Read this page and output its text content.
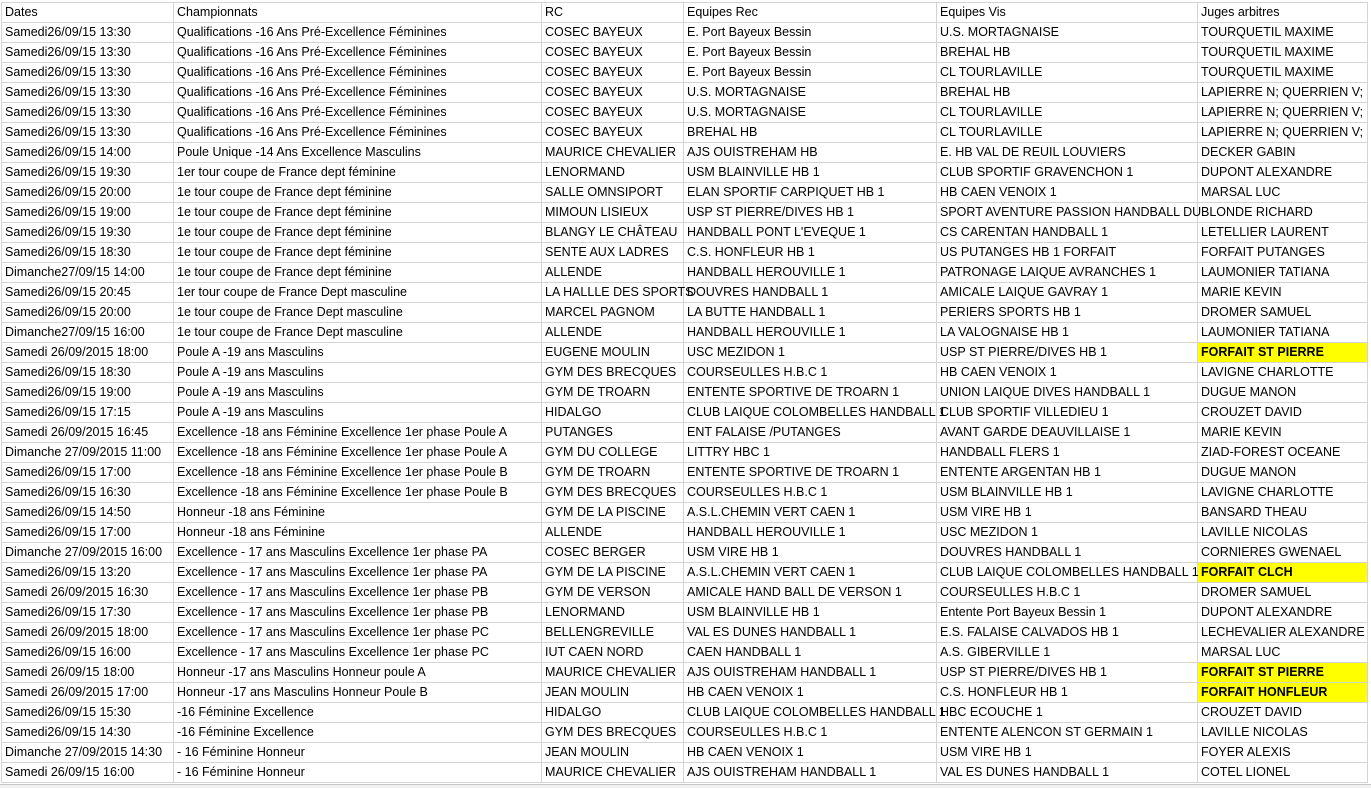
Dates	Championnats	RC	Equipes Rec	Equipes Vis	Juges arbitres
Samedi26/09/15 13:30	Qualifications -16 Ans Pré-Excellence Féminines	COSEC BAYEUX	E. Port Bayeux Bessin	U.S. MORTAGNAISE	TOURQUETIL MAXIME
Samedi26/09/15 13:30	Qualifications -16 Ans Pré-Excellence Féminines	COSEC BAYEUX	E. Port Bayeux Bessin	BREHAL HB	TOURQUETIL MAXIME
Samedi26/09/15 13:30	Qualifications -16 Ans Pré-Excellence Féminines	COSEC BAYEUX	E. Port Bayeux Bessin	CL TOURLAVILLE	TOURQUETIL MAXIME
Samedi26/09/15 13:30	Qualifications -16 Ans Pré-Excellence Féminines	COSEC BAYEUX	U.S. MORTAGNAISE	BREHAL HB	LAPIERRE N; QUERRIEN V;
Samedi26/09/15 13:30	Qualifications -16 Ans Pré-Excellence Féminines	COSEC BAYEUX	U.S. MORTAGNAISE	CL TOURLAVILLE	LAPIERRE N; QUERRIEN V;
Samedi26/09/15 13:30	Qualifications -16 Ans Pré-Excellence Féminines	COSEC BAYEUX	BREHAL HB	CL TOURLAVILLE	LAPIERRE N; QUERRIEN V;
Samedi26/09/15 14:00	Poule Unique -14 Ans Excellence Masculins	MAURICE CHEVALIER	AJS OUISTREHAM HB	E. HB VAL DE REUIL LOUVIERS	DECKER GABIN
Samedi26/09/15 19:30	1er tour coupe de France dept féminine	LENORMAND	USM BLAINVILLE HB 1	CLUB SPORTIF GRAVENCHON 1	DUPONT ALEXANDRE
Samedi26/09/15 20:00	1e tour coupe de France dept féminine	SALLE OMNSIPORT	ELAN SPORTIF CARPIQUET HB 1	HB CAEN VENOIX 1	MARSAL LUC
Samedi26/09/15 19:00	1e tour coupe de France dept féminine	MIMOUN LISIEUX	USP ST PIERRE/DIVES HB 1	SPORT AVENTURE PASSION HANDBALL DU	BLONDE RICHARD
Samedi26/09/15 19:30	1e tour coupe de France dept féminine	BLANGY LE CHÂTEAU	HANDBALL PONT L'EVEQUE 1	CS CARENTAN HANDBALL 1	LETELLIER LAURENT
Samedi26/09/15 18:30	1e tour coupe de France dept féminine	SENTE AUX LADRES	C.S. HONFLEUR HB 1	US PUTANGES HB 1 FORFAIT	FORFAIT PUTANGES
Dimanche27/09/15 14:00	1e tour coupe de France dept féminine	ALLENDE	HANDBALL HEROUVILLE 1	PATRONAGE LAIQUE AVRANCHES 1	LAUMONIER TATIANA
Samedi26/09/15 20:45	1er tour coupe de France Dept masculine	LA HALLLE DES SPORTS	DOUVRES HANDBALL 1	AMICALE LAIQUE GAVRAY 1	MARIE KEVIN
Samedi26/09/15 20:00	1e tour coupe de France Dept masculine	MARCEL PAGNOM	LA BUTTE HANDBALL 1	PERIERS SPORTS HB 1	DROMER SAMUEL
Dimanche27/09/15 16:00	1e tour coupe de France Dept masculine	ALLENDE	HANDBALL HEROUVILLE 1	LA VALOGNAISE HB 1	LAUMONIER TATIANA
Samedi 26/09/2015 18:00	Poule A -19 ans Masculins	EUGENE MOULIN	USC MEZIDON 1	USP ST PIERRE/DIVES HB 1	FORFAIT ST PIERRE
Samedi26/09/15 18:30	Poule A -19 ans Masculins	GYM DES BRECQUES	COURSEULLES H.B.C 1	HB CAEN VENOIX 1	LAVIGNE CHARLOTTE
Samedi26/09/15 19:00	Poule A -19 ans Masculins	GYM DE TROARN	ENTENTE SPORTIVE DE TROARN 1	UNION LAIQUE DIVES HANDBALL 1	DUGUE MANON
Samedi26/09/15 17:15	Poule A -19 ans Masculins	HIDALGO	CLUB LAIQUE COLOMBELLES HANDBALL 1	CLUB SPORTIF VILLEDIEU 1	CROUZET DAVID
Samedi 26/09/2015 16:45	Excellence -18 ans Féminine Excellence 1er phase Poule A	PUTANGES	ENT FALAISE /PUTANGES	AVANT GARDE DEAUVILLAISE 1	MARIE KEVIN
Dimanche 27/09/2015 11:00	Excellence -18 ans Féminine Excellence 1er phase Poule A	GYM DU COLLEGE	LITTRY HBC 1	HANDBALL FLERS 1	ZIAD-FOREST OCEANE
Samedi26/09/15 17:00	Excellence -18 ans Féminine Excellence 1er phase Poule B	GYM DE TROARN	ENTENTE SPORTIVE DE TROARN 1	ENTENTE ARGENTAN HB 1	DUGUE MANON
Samedi26/09/15 16:30	Excellence -18 ans Féminine Excellence 1er phase Poule B	GYM DES BRECQUES	COURSEULLES H.B.C 1	USM BLAINVILLE HB 1	LAVIGNE CHARLOTTE
Samedi26/09/15 14:50	Honneur -18 ans Féminine	GYM DE LA PISCINE	A.S.L.CHEMIN VERT CAEN 1	USM VIRE HB 1	BANSARD THEAU
Samedi26/09/15 17:00	Honneur -18 ans Féminine	ALLENDE	HANDBALL HEROUVILLE 1	USC MEZIDON 1	LAVILLE NICOLAS
Dimanche 27/09/2015 16:00	Excellence - 17 ans Masculins Excellence 1er phase PA	COSEC BERGER	USM VIRE HB 1	DOUVRES HANDBALL 1	CORNIERES GWENAEL
Samedi26/09/15 13:20	Excellence - 17 ans Masculins Excellence 1er phase PA	GYM DE LA PISCINE	A.S.L.CHEMIN VERT CAEN 1	CLUB LAIQUE COLOMBELLES HANDBALL 1	FORFAIT CLCH
Samedi 26/09/2015 16:30	Excellence - 17 ans Masculins Excellence 1er phase PB	GYM DE VERSON	AMICALE HAND BALL DE VERSON 1	COURSEULLES H.B.C 1	DROMER SAMUEL
Samedi26/09/15 17:30	Excellence - 17 ans Masculins Excellence 1er phase PB	LENORMAND	USM BLAINVILLE HB 1	Entente Port Bayeux Bessin 1	DUPONT ALEXANDRE
Samedi 26/09/2015 18:00	Excellence - 17 ans Masculins Excellence 1er phase PC	BELLENGREVILLE	VAL ES DUNES HANDBALL 1	E.S. FALAISE CALVADOS HB 1	LECHEVALIER ALEXANDRE
Samedi26/09/15 16:00	Excellence - 17 ans Masculins Excellence 1er phase PC	IUT CAEN NORD	CAEN HANDBALL 1	A.S. GIBERVILLE 1	MARSAL LUC
Samedi 26/09/15 18:00	Honneur -17 ans Masculins Honneur poule A	MAURICE CHEVALIER	AJS OUISTREHAM HANDBALL 1	USP ST PIERRE/DIVES HB 1	FORFAIT ST PIERRE
Samedi 26/09/2015 17:00	Honneur -17 ans Masculins Honneur Poule B	JEAN MOULIN	HB CAEN VENOIX 1	C.S. HONFLEUR HB 1	FORFAIT HONFLEUR
Samedi26/09/15 15:30	-16 Féminine Excellence	HIDALGO	CLUB LAIQUE COLOMBELLES HANDBALL 1	HBC ECOUCHE 1	CROUZET DAVID
Samedi26/09/15 14:30	-16 Féminine Excellence	GYM DES BRECQUES	COURSEULLES H.B.C 1	ENTENTE ALENCON ST GERMAIN 1	LAVILLE NICOLAS
Dimanche 27/09/2015 14:30	- 16 Féminine Honneur	JEAN MOULIN	HB CAEN VENOIX 1	USM VIRE HB 1	FOYER ALEXIS
Samedi 26/09/15 16:00	- 16 Féminine Honneur	MAURICE CHEVALIER	AJS OUISTREHAM HANDBALL 1	VAL ES DUNES HANDBALL 1	COTEL LIONEL
